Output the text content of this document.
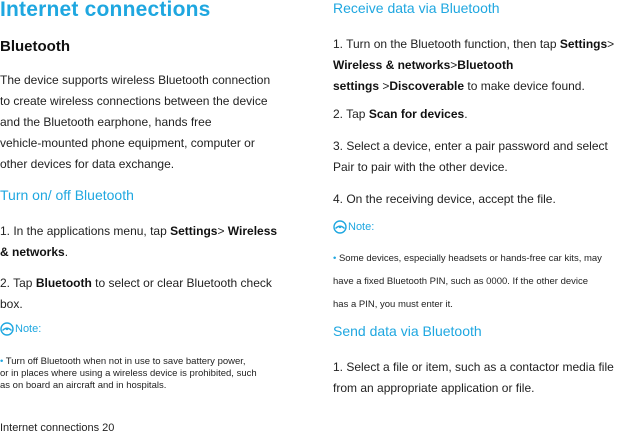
Internet connections
Bluetooth
The device supports wireless Bluetooth connection
to create wireless connections between the device
and the Bluetooth earphone, hands free
vehicle-mounted phone equipment, computer or
other devices for data exchange.
Turn on/ off Bluetooth
1. In the applications menu, tap Settings> Wireless
& networks.
2. Tap Bluetooth to select or clear Bluetooth check
box.
Note:
• Turn off Bluetooth when not in use to save battery power,
or in places where using a wireless device is prohibited, such
as on board an aircraft and in hospitals.
Internet connections 20
Receive data via Bluetooth
1. Turn on the Bluetooth function, then tap Settings>
Wireless & networks>Bluetooth
settings >Discoverable to make device found.
2. Tap Scan for devices.
3. Select a device, enter a pair password and select
Pair to pair with the other device.
4. On the receiving device, accept the file.
Note:
• Some devices, especially headsets or hands-free car kits, may
have a fixed Bluetooth PIN, such as 0000. If the other device
has a PIN, you must enter it.
Send data via Bluetooth
1. Select a file or item, such as a contactor media file
from an appropriate application or file.
